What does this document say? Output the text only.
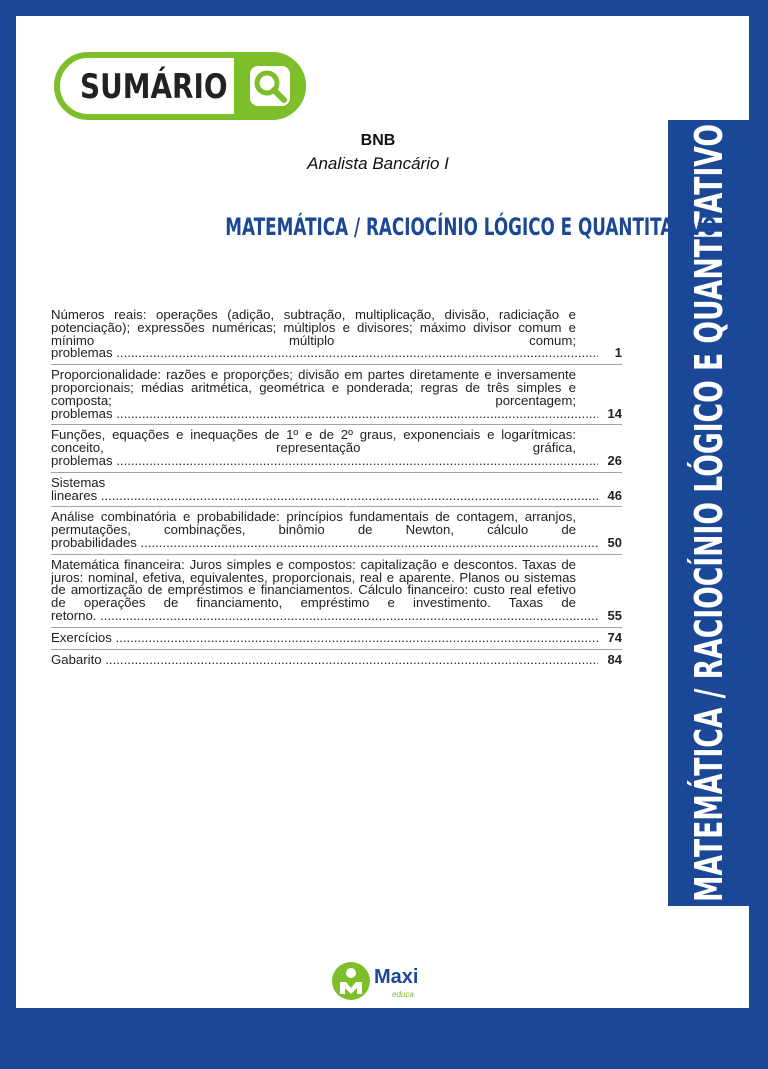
SUMÁRIO
MATEMÁTICA / RACIOCÍNIO LÓGICO E QUANTITATIVO
BNB
Analista Bancário I
MATEMÁTICA / RACIOCÍNIO LÓGICO E QUANTITATIVO
Números reais: operações (adição, subtração, multiplicação, divisão, radiciação e potenciação); expressões numéricas; múltiplos e divisores; máximo divisor comum e mínimo múltiplo comum; problemas .....	1
Proporcionalidade: razões e proporções; divisão em partes diretamente e inversamente proporcionais; médias aritmética, geométrica e ponderada; regras de três simples e composta; porcentagem; problemas .....	14
Funções, equações e inequações de 1º e de 2º graus, exponenciais e logarítmicas: conceito, representação gráfica, problemas .....	26
Sistemas lineares .....	46
Análise combinatória e probabilidade: princípios fundamentais de contagem, arranjos, permutações, combinações, binômio de Newton, cálculo de probabilidades .....	50
Matemática financeira: Juros simples e compostos: capitalização e descontos. Taxas de juros: nominal, efetiva, equivalentes, proporcionais, real e aparente. Planos ou sistemas de amortização de empréstimos e financiamentos. Cálculo financeiro: custo real efetivo de operações de financiamento, empréstimo e investimento. Taxas de retorno. .....	55
Exercícios .....	74
Gabarito .....	84
Maxi
educa
